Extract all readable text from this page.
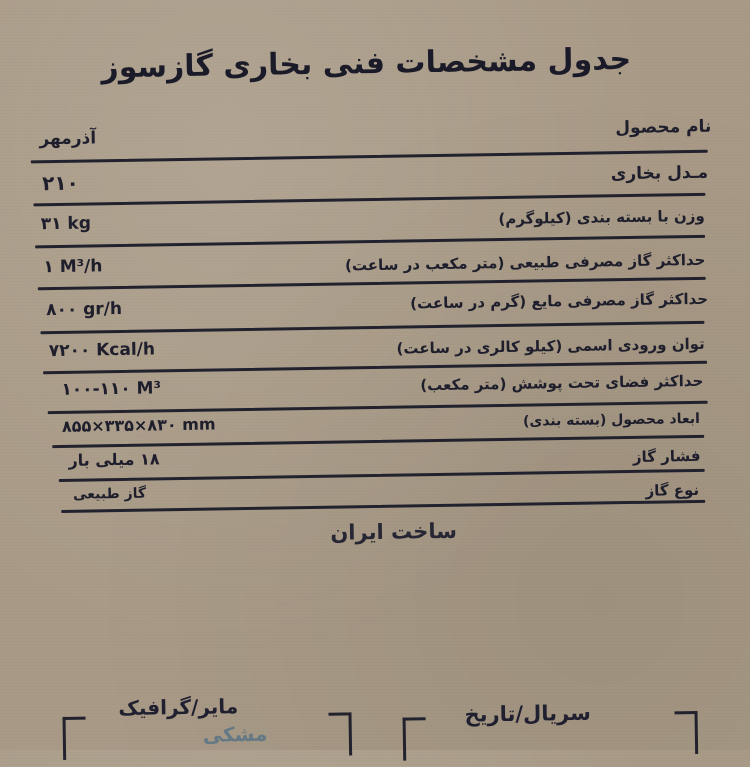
جدول مشخصات فنی بخاری گازسوز
نام محصول
آذرمهر
مـدل بخاری
۲۱۰
وزن با بسته بندی (کیلوگرم)
۳۱ kg
حداکثر گاز مصرفی طبیعی (متر مکعب در ساعت)
۱ M³/h
حداکثر گاز مصرفی مایع (گرم در ساعت)
۸۰۰ gr/h
توان ورودی اسمی (کیلو کالری در ساعت)
۷۲۰۰ Kcal/h
حداکثر فضای تحت پوشش (متر مکعب)
۱۰۰-۱۱۰ M³
ابعاد محصول (بسته بندی)
۸۵۵×۳۳۵×۸۳۰ mm
فشار گاز
۱۸ میلی بار
نوع گاز
گاز طبیعی
ساخت ایران
ماير/گرافيک
مشکی
سریال/تاریخ
